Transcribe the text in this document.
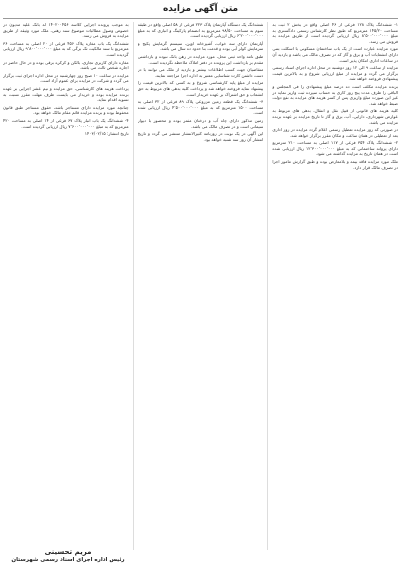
متن آگهی مزایده

۱- ششدانگ پلاک ۱۲۸ فرعی از ۴۶ اصلی واقع در بخش ۲ ثبت به مساحت ۱۴۵/۲۰ مترمربع که طبق نظر کارشناس رسمی دادگستری به مبلغ ۸٬۵۰۰٬۰۰۰٬۰۰۰ ریال ارزیابی گردیده است از طریق مزایده به فروش می رسد.

مورد مزایده عبارت است از یک باب ساختمان مسکونی با اسکلت بتنی دارای انشعابات آب و برق و گاز که در تصرف مالک می باشد و بازدید آن در ساعات اداری امکان پذیر است.

مزایده از ساعت ۹ الی ۱۲ روز دوشنبه در محل اداره اجرای اسناد رسمی برگزار می گردد و مزایده از مبلغ ارزیابی شروع و به بالاترین قیمت پیشنهادی فروخته خواهد شد.

برنده مزایده مکلف است ده درصد مبلغ پیشنهادی را فی المجلس و الباقی را ظرف مدت پنج روز کاری به حساب سپرده ثبت واریز نماید در غیر این صورت مبلغ واریزی پس از کسر هزینه های مزایده به نفع دولت ضبط خواهد شد.

کلیه هزینه های قانونی از قبیل نقل و انتقال، بدهی های مربوط به عوارض شهرداری، دارایی، آب، برق و گاز تا تاریخ مزایده بر عهده برنده مزایده می باشد.

در صورتی که روز مزایده تعطیل رسمی اعلام گردد مزایده در روز اداری بعد از تعطیلی در همان ساعت و مکان مقرر برگزار خواهد شد.

۲- ششدانگ پلاک ۳۵۴ فرعی از ۱۱۷ اصلی به مساحت ۲۱۰ مترمربع دارای پروانه ساختمانی که به مبلغ ۱۲٬۳۰۰٬۰۰۰٬۰۰۰ ریال ارزیابی شده است در همان تاریخ به مزایده گذاشته می شود.

ملک مورد مزایده فاقد بیمه و بلامعارض بوده و طبق گزارش مامور اجرا در تصرف مالک قرار دارد.

ششدانگ یک دستگاه آپارتمان پلاک ۲۲۳ فرعی از ۵۸ اصلی واقع در طبقه سوم به مساحت ۹۸/۵۰ مترمربع به انضمام پارکینگ و انباری که به مبلغ ۶٬۲۰۰٬۰۰۰٬۰۰۰ ریال ارزیابی گردیده است.

آپارتمان دارای سه خواب، آشپزخانه اوپن، سیستم گرمایش پکیج و سرمایش کولر آبی بوده و قدمت بنا حدود ده سال می باشد.

طبق نامه واحد ثبتی محل، مورد مزایده در رهن بانک نبوده و بازداشتی مقدم بر بازداشت این پرونده در دفتر املاک ملاحظه نگردیده است.

متقاضیان جهت کسب اطلاعات بیشتر و بازدید از ملک می توانند با در دست داشتن کارت شناسایی معتبر به اداره اجرا مراجعه نمایند.

مزایده از مبلغ پایه کارشناسی شروع و به کسی که بالاترین قیمت را پیشنهاد نماید فروخته خواهد شد و پرداخت کلیه بدهی های مربوط به حق انشعاب و حق اشتراک بر عهده خریدار است.

۳- ششدانگ یک قطعه زمین مزروعی پلاک ۸۹ فرعی از ۳۲ اصلی به مساحت ۱۵۰۰ مترمربع که به مبلغ ۴٬۵۰۰٬۰۰۰٬۰۰۰ ریال ارزیابی شده است.

زمین مذکور دارای چاه آب و درختان مثمر بوده و محصور با دیوار سیمانی است و در تصرف مالک می باشد.

این آگهی در یک نوبت در روزنامه کثیرالانتشار منتشر می گردد و تاریخ انتشار آن روز سه شنبه خواهد بود.

به موجب پرونده اجرایی کلاسه ۱۴۰۲۰۰۴۵۶ له بانک علیه مدیون در خصوص وصول مطالبات موضوع سند رهنی، ملک مورد وثیقه از طریق مزایده به فروش می رسد.

ششدانگ یک باب مغازه پلاک ۴۵۶ فرعی از ۲۰ اصلی به مساحت ۳۶ مترمربع با سند مالکیت تک برگی که به مبلغ ۹٬۸۰۰٬۰۰۰٬۰۰۰ ریال ارزیابی گردیده است.

مغازه دارای کاربری تجاری، بالکن و کرکره برقی بوده و در حال حاضر در اجاره شخص ثالث می باشد.

مزایده در ساعت ۱۰ صبح روز چهارشنبه در محل اداره اجرای ثبت برگزار می گردد و شرکت در مزایده برای عموم آزاد است.

پرداخت هزینه های کارشناسی، حق مزایده و نیم عشر اجرایی بر عهده برنده مزایده بوده و خریدار می بایست ظرف مهلت مقرر نسبت به تسویه اقدام نماید.

چنانچه مورد مزایده دارای مستاجر باشد، حقوق مستاجر طبق قانون محفوظ بوده و برنده مزایده قائم مقام مالک خواهد بود.

۴- ششدانگ یک باب انبار پلاک ۶۷ فرعی از ۱۴ اصلی به مساحت ۴۲۰ مترمربع که به مبلغ ۷٬۶۰۰٬۰۰۰٬۰۰۰ ریال ارزیابی گردیده است.

تاریخ انتشار: ۱۴۰۳/۰۲/۱۵

مریم تحسینی
رئیس اداره اجرای اسناد رسمی شهرستان
